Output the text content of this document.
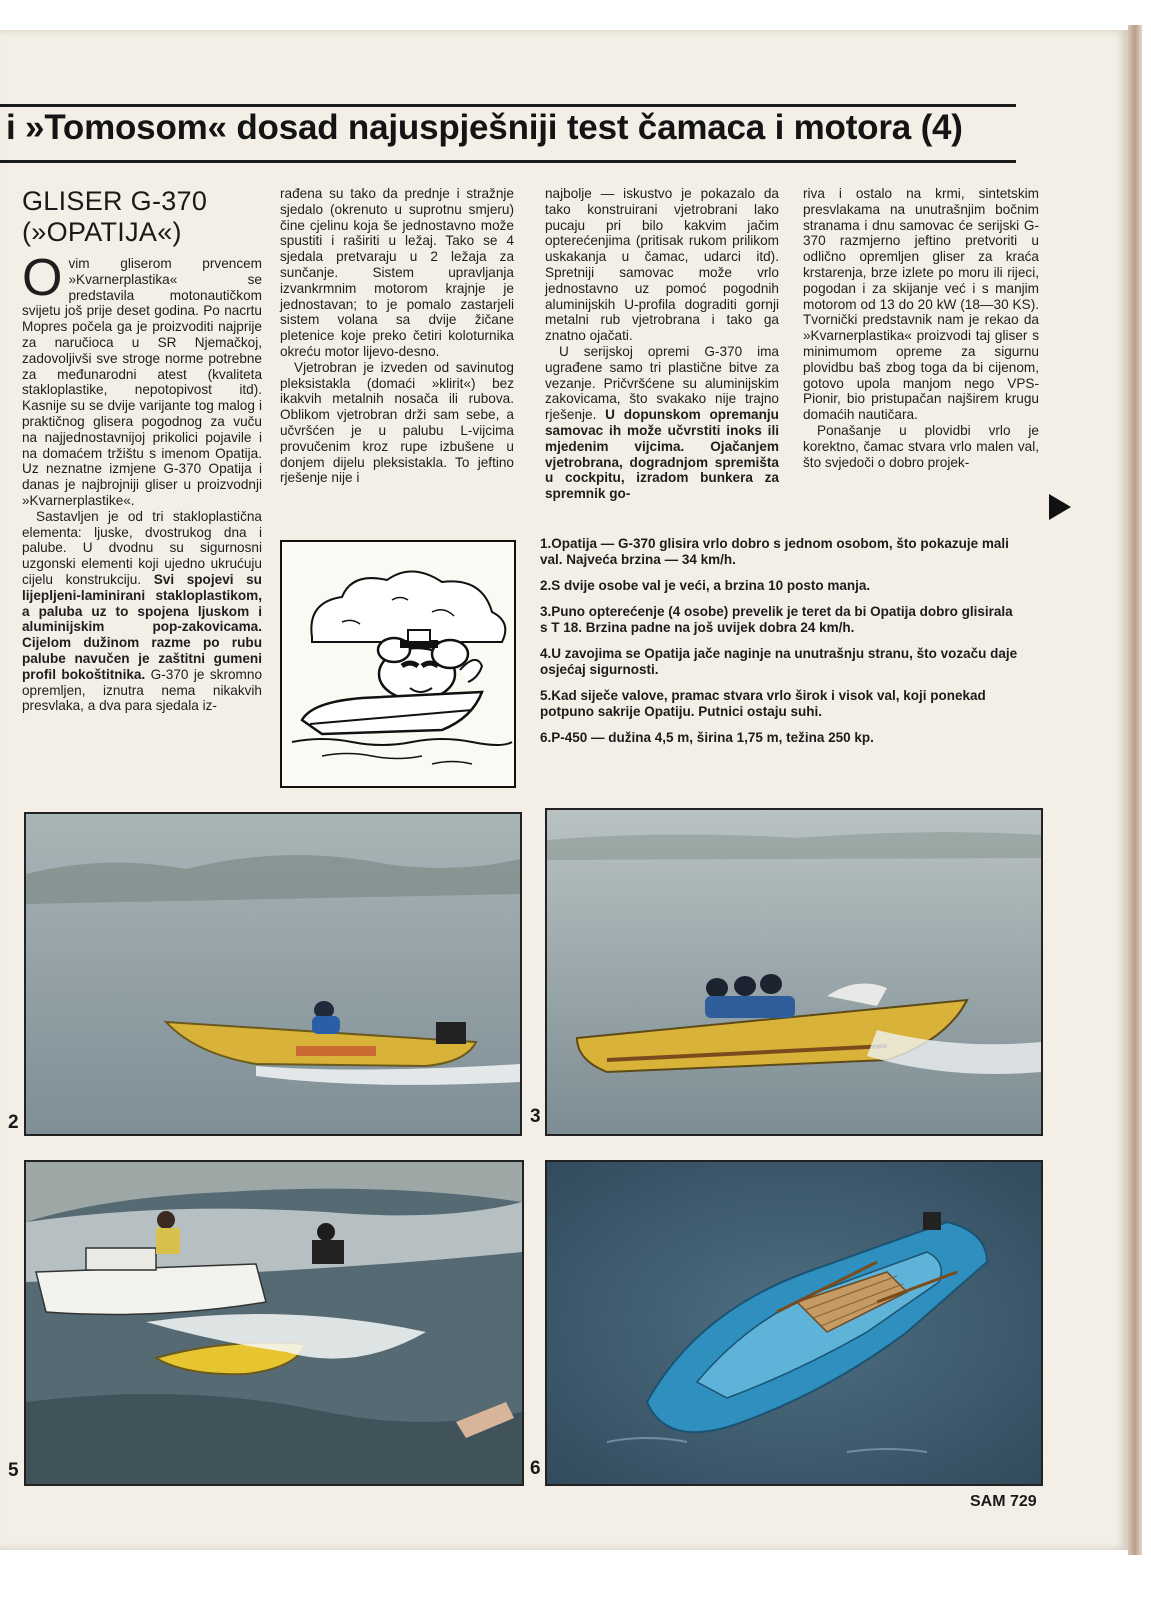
i »Tomosom« dosad najuspješniji test čamaca i motora (4)
GLISER G-370
(»OPATIJA«)

Ovim gliserom prvencem »Kvarnerplastika« se predstavila motonautičkom svijetu još prije deset godina. Po nacrtu Mopres počela ga je proizvoditi najprije za naručioca u SR Njemačkoj, zadovoljivši sve stroge norme potrebne za međunarodni atest (kvaliteta stakloplastike, nepotopivost itd). Kasnije su se dvije varijante tog malog i praktičnog glisera pogodnog za vuču na najjednostavnijoj prikolici pojavile i na domaćem tržištu s imenom Opatija. Uz neznatne izmjene G-370 Opatija i danas je najbrojniji gliser u proizvodnji »Kvarnerplastike«.

Sastavljen je od tri stakloplastična elementa: ljuske, dvostrukog dna i palube. U dvodnu su sigurnosni uzgonski elementi koji ujedno ukrućuju cijelu konstrukciju. Svi spojevi su lijepljeni-laminirani stakloplastikom, a paluba uz to spojena ljuskom i aluminijskim pop-zakovicama. Cijelom dužinom razme po rubu palube navučen je zaštitni gumeni profil bokoštitnika. G-370 je skromno opremljen, iznutra nema nikakvih presvlaka, a dva para sjedala iz-

rađena su tako da prednje i stražnje sjedalo (okrenuto u suprotnu smjeru) čine cjelinu koja še jednostavno može spustiti i raširiti u ležaj. Tako se 4 sjedala pretvaraju u 2 ležaja za sunčanje. Sistem upravljanja izvankrmnim motorom krajnje je jednostavan; to je pomalo zastarjeli sistem volana sa dvije žičane pletenice koje preko četiri koloturnika okreću motor lijevo-desno.

Vjetrobran je izveden od savinutog pleksistakla (domaći »klirit«) bez ikakvih metalnih nosača ili rubova. Oblikom vjetrobran drži sam sebe, a učvršćen je u palubu L-vijcima provučenim kroz rupe izbušene u donjem dijelu pleksistakla. To jeftino rješenje nije i

najbolje — iskustvo je pokazalo da tako konstruirani vjetrobrani lako pucaju pri bilo kakvim jačim opterećenjima (pritisak rukom prilikom uskakanja u čamac, udarci itd). Spretniji samovac može vrlo jednostavno uz pomoć pogodnih aluminijskih U-profila dograditi gornji metalni rub vjetrobrana i tako ga znatno ojačati.

U serijskoj opremi G-370 ima ugrađene samo tri plastične bitve za vezanje. Pričvršćene su aluminijskim zakovicama, što svakako nije trajno rješenje. U dopunskom opremanju samovac ih može učvrstiti inoks ili mjedenim vijcima. Ojačanjem vjetrobrana, dogradnjom spremišta u cockpitu, izradom bunkera za spremnik go-

riva i ostalo na krmi, sintetskim presvlakama na unutrašnjim bočnim stranama i dnu samovac će serijski G-370 razmjerno jeftino pretvoriti u odlično opremljen gliser za kraća krstarenja, brze izlete po moru ili rijeci, pogodan i za skijanje već i s manjim motorom od 13 do 20 kW (18—30 KS). Tvornički predstavnik nam je rekao da »Kvarnerplastika« proizvodi taj gliser s minimumom opreme za sigurnu plovidbu baš zbog toga da bi cijenom, gotovo upola manjom nego VPS-Pionir, bio pristupačan najširem krugu domaćih nautičara.

Ponašanje u plovidbi vrlo je korektno, čamac stvara vrlo malen val, što svjedoči o dobro projek-

1.Opatija — G-370 glisira vrlo dobro s jednom osobom, što pokazuje mali val. Najveća brzina — 34 km/h.

2.S dvije osobe val je veći, a brzina 10 posto manja.

3.Puno opterećenje (4 osobe) prevelik je teret da bi Opatija dobro glisirala s T 18. Brzina padne na još uvijek dobra 24 km/h.

4.U zavojima se Opatija jače naginje na unutrašnju stranu, što vozaču daje osjećaj sigurnosti.

5.Kad siječe valove, pramac stvara vrlo širok i visok val, koji ponekad potpuno sakrije Opatiju. Putnici ostaju suhi.

6.P-450 — dužina 4,5 m, širina 1,75 m, težina 250 kp.

2	3
5	6
SAM 729
